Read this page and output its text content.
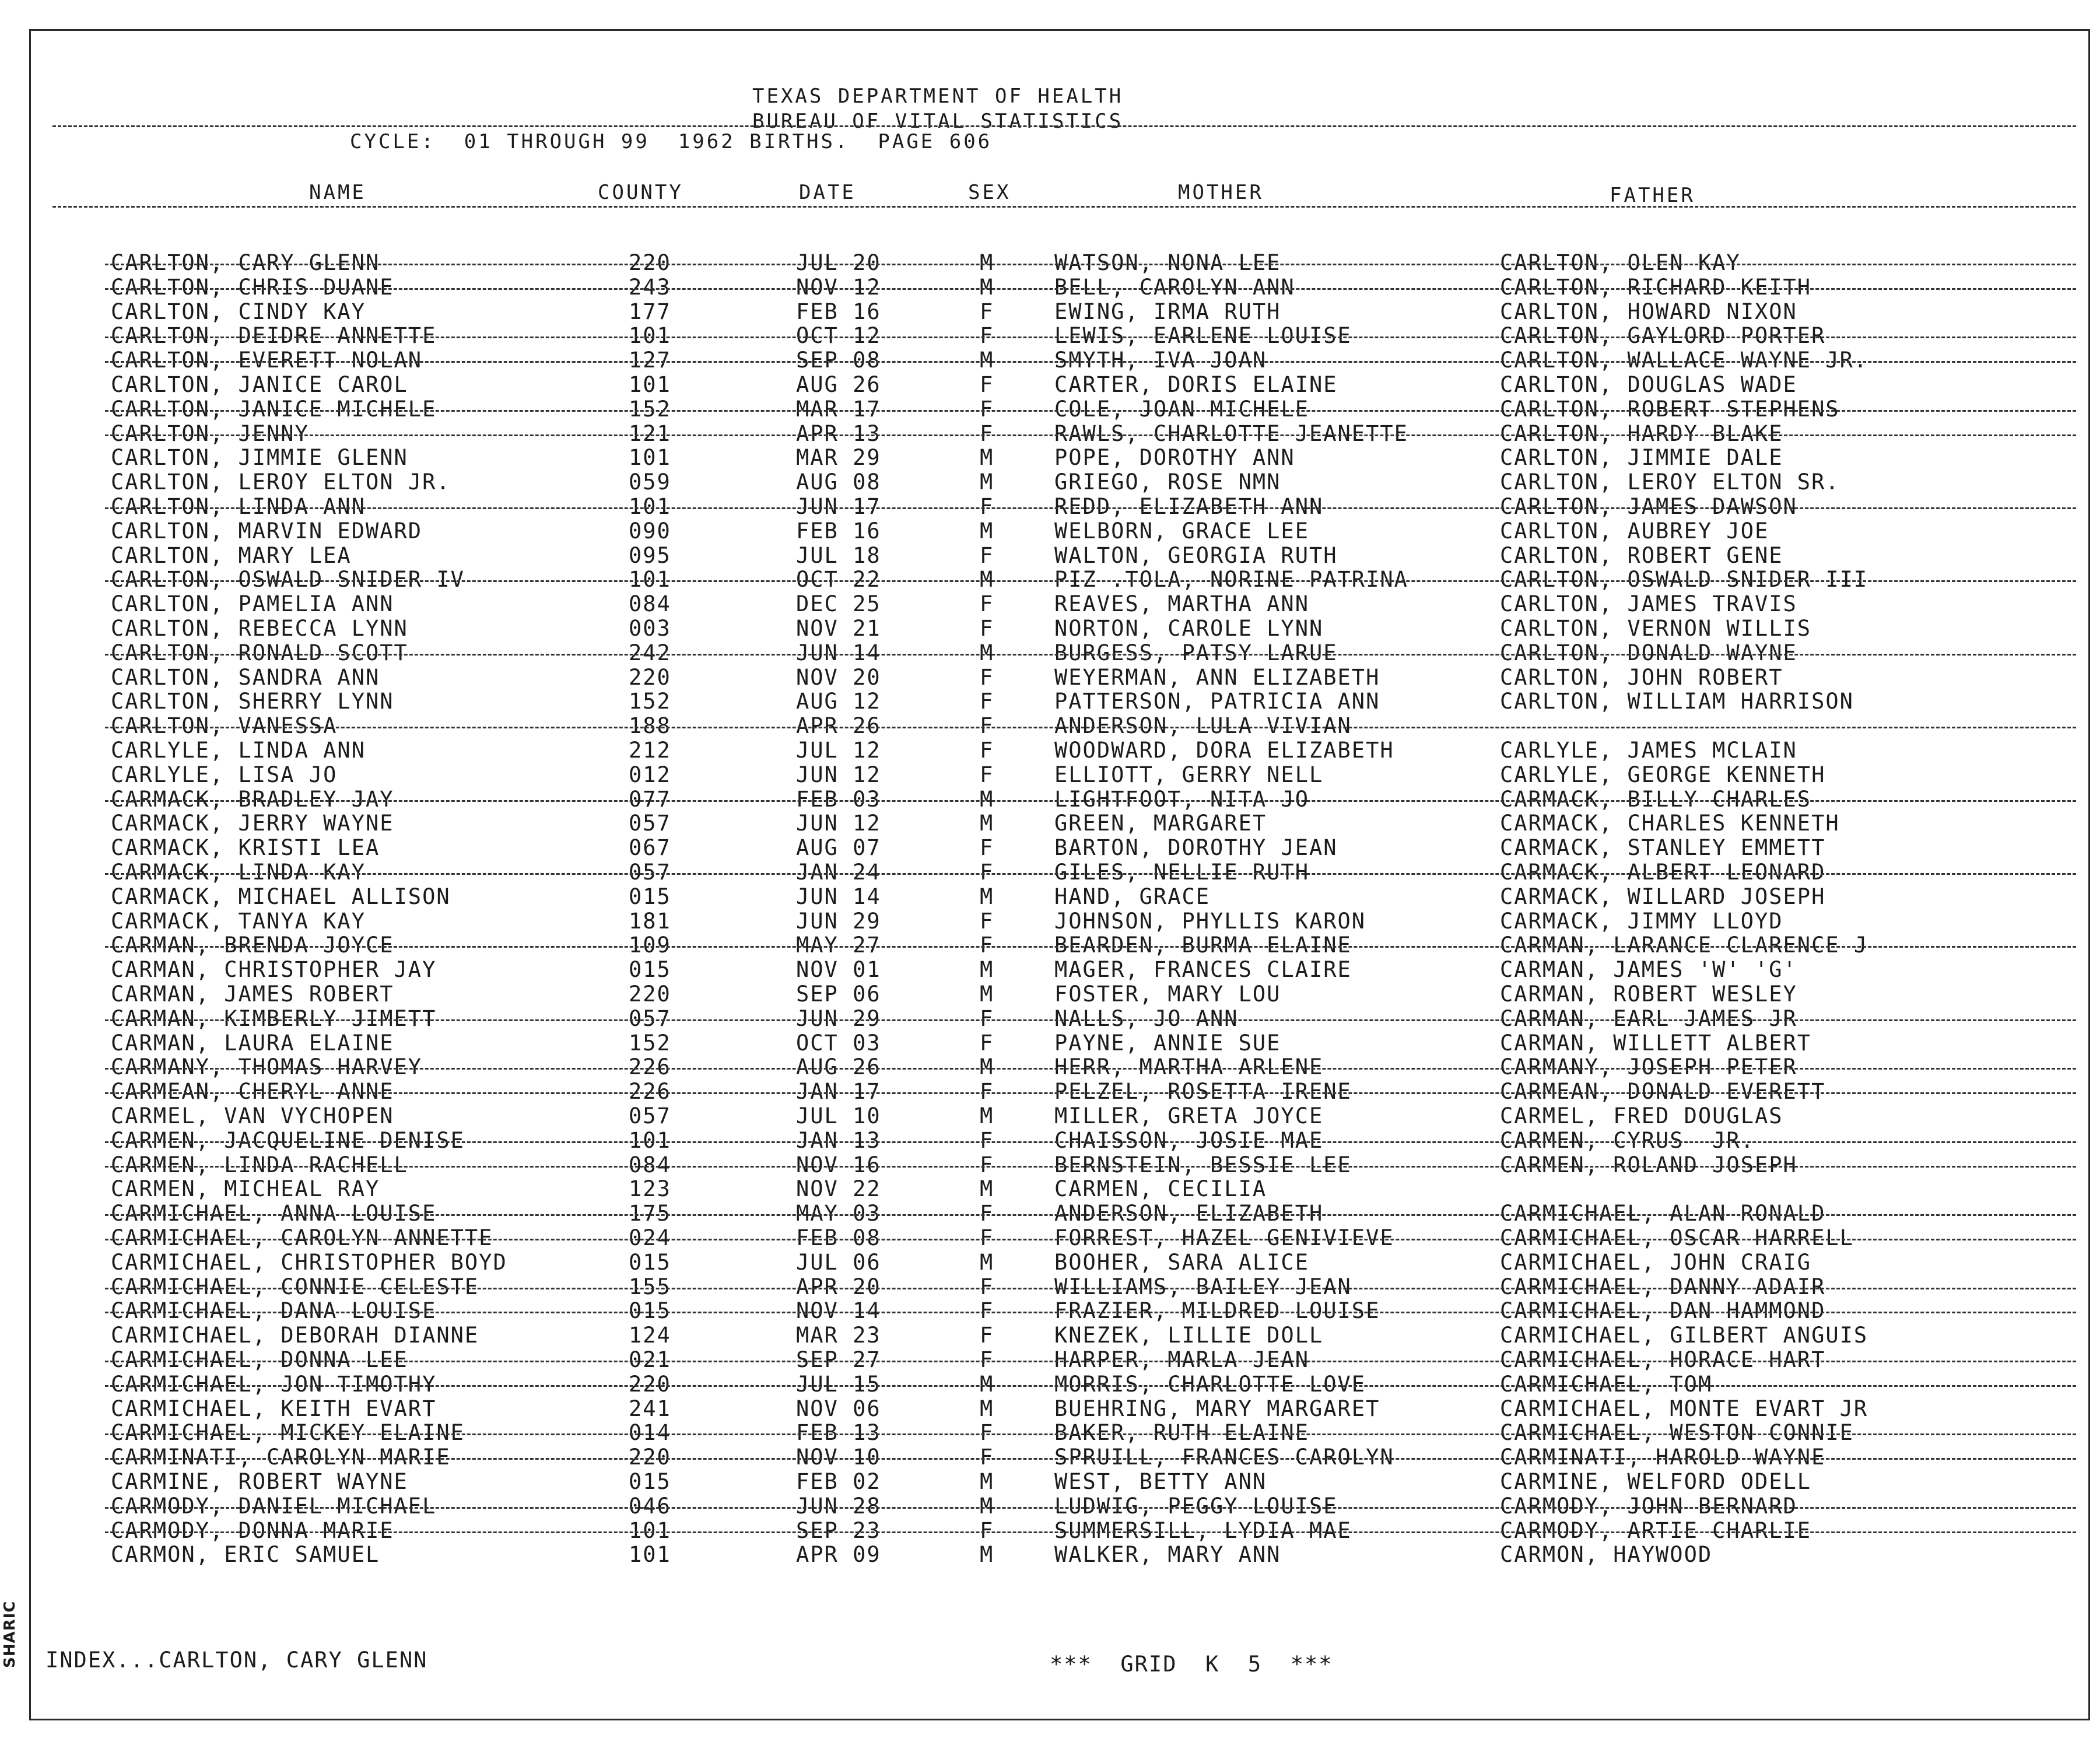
TEXAS DEPARTMENT OF HEALTH
BUREAU OF VITAL STATISTICS
CYCLE:  01 THROUGH 99  1962 BIRTHS.  PAGE 606
NAME	COUNTY	DATE	SEX	MOTHER	FATHER
CARLTON, CARY GLENN	220	JUL 20	M	WATSON, NONA LEE	CARLTON, OLEN KAY
CARLTON, CHRIS DUANE	243	NOV 12	M	BELL, CAROLYN ANN	CARLTON, RICHARD KEITH
CARLTON, CINDY KAY	177	FEB 16	F	EWING, IRMA RUTH	CARLTON, HOWARD NIXON
CARLTON, DEIDRE ANNETTE	101	OCT 12	F	LEWIS, EARLENE LOUISE	CARLTON, GAYLORD PORTER
CARLTON, EVERETT NOLAN	127	SEP 08	M	SMYTH, IVA JOAN	CARLTON, WALLACE WAYNE JR.
CARLTON, JANICE CAROL	101	AUG 26	F	CARTER, DORIS ELAINE	CARLTON, DOUGLAS WADE
CARLTON, JANICE MICHELE	152	MAR 17	F	COLE, JOAN MICHELE	CARLTON, ROBERT STEPHENS
CARLTON, JENNY	121	APR 13	F	RAWLS, CHARLOTTE JEANETTE	CARLTON, HARDY BLAKE
CARLTON, JIMMIE GLENN	101	MAR 29	M	POPE, DOROTHY ANN	CARLTON, JIMMIE DALE
CARLTON, LEROY ELTON JR.	059	AUG 08	M	GRIEGO, ROSE NMN	CARLTON, LEROY ELTON SR.
CARLTON, LINDA ANN	101	JUN 17	F	REDD, ELIZABETH ANN	CARLTON, JAMES DAWSON
CARLTON, MARVIN EDWARD	090	FEB 16	M	WELBORN, GRACE LEE	CARLTON, AUBREY JOE
CARLTON, MARY LEA	095	JUL 18	F	WALTON, GEORGIA RUTH	CARLTON, ROBERT GENE
CARLTON, OSWALD SNIDER IV	101	OCT 22	M	PIZ .TOLA, NORINE PATRINA	CARLTON, OSWALD SNIDER III
CARLTON, PAMELIA ANN	084	DEC 25	F	REAVES, MARTHA ANN	CARLTON, JAMES TRAVIS
CARLTON, REBECCA LYNN	003	NOV 21	F	NORTON, CAROLE LYNN	CARLTON, VERNON WILLIS
CARLTON, RONALD SCOTT	242	JUN 14	M	BURGESS, PATSY LARUE	CARLTON, DONALD WAYNE
CARLTON, SANDRA ANN	220	NOV 20	F	WEYERMAN, ANN ELIZABETH	CARLTON, JOHN ROBERT
CARLTON, SHERRY LYNN	152	AUG 12	F	PATTERSON, PATRICIA ANN	CARLTON, WILLIAM HARRISON
CARLTON, VANESSA	188	APR 26	F	ANDERSON, LULA VIVIAN
CARLYLE, LINDA ANN	212	JUL 12	F	WOODWARD, DORA ELIZABETH	CARLYLE, JAMES MCLAIN
CARLYLE, LISA JO	012	JUN 12	F	ELLIOTT, GERRY NELL	CARLYLE, GEORGE KENNETH
CARMACK, BRADLEY JAY	077	FEB 03	M	LIGHTFOOT, NITA JO	CARMACK, BILLY CHARLES
CARMACK, JERRY WAYNE	057	JUN 12	M	GREEN, MARGARET	CARMACK, CHARLES KENNETH
CARMACK, KRISTI LEA	067	AUG 07	F	BARTON, DOROTHY JEAN	CARMACK, STANLEY EMMETT
CARMACK, LINDA KAY	057	JAN 24	F	GILES, NELLIE RUTH	CARMACK, ALBERT LEONARD
CARMACK, MICHAEL ALLISON	015	JUN 14	M	HAND, GRACE	CARMACK, WILLARD JOSEPH
CARMACK, TANYA KAY	181	JUN 29	F	JOHNSON, PHYLLIS KARON	CARMACK, JIMMY LLOYD
CARMAN, BRENDA JOYCE	109	MAY 27	F	BEARDEN, BURMA ELAINE	CARMAN, LARANCE CLARENCE J
CARMAN, CHRISTOPHER JAY	015	NOV 01	M	MAGER, FRANCES CLAIRE	CARMAN, JAMES 'W' 'G'
CARMAN, JAMES ROBERT	220	SEP 06	M	FOSTER, MARY LOU	CARMAN, ROBERT WESLEY
CARMAN, KIMBERLY JIMETT	057	JUN 29	F	NALLS, JO ANN	CARMAN, EARL JAMES JR
CARMAN, LAURA ELAINE	152	OCT 03	F	PAYNE, ANNIE SUE	CARMAN, WILLETT ALBERT
CARMANY, THOMAS HARVEY	226	AUG 26	M	HERR, MARTHA ARLENE	CARMANY, JOSEPH PETER
CARMEAN, CHERYL ANNE	226	JAN 17	F	PELZEL, ROSETTA IRENE	CARMEAN, DONALD EVERETT
CARMEL, VAN VYCHOPEN	057	JUL 10	M	MILLER, GRETA JOYCE	CARMEL, FRED DOUGLAS
CARMEN, JACQUELINE DENISE	101	JAN 13	F	CHAISSON, JOSIE MAE	CARMEN, CYRUS  JR.
CARMEN, LINDA RACHELL	084	NOV 16	F	BERNSTEIN, BESSIE LEE	CARMEN, ROLAND JOSEPH
CARMEN, MICHEAL RAY	123	NOV 22	M	CARMEN, CECILIA
CARMICHAEL, ANNA LOUISE	175	MAY 03	F	ANDERSON, ELIZABETH	CARMICHAEL, ALAN RONALD
CARMICHAEL, CAROLYN ANNETTE	024	FEB 08	F	FORREST, HAZEL GENIVIEVE	CARMICHAEL, OSCAR HARRELL
CARMICHAEL, CHRISTOPHER BOYD	015	JUL 06	M	BOOHER, SARA ALICE	CARMICHAEL, JOHN CRAIG
CARMICHAEL, CONNIE CELESTE	155	APR 20	F	WILLIAMS, BAILEY JEAN	CARMICHAEL, DANNY ADAIR
CARMICHAEL, DANA LOUISE	015	NOV 14	F	FRAZIER, MILDRED LOUISE	CARMICHAEL, DAN HAMMOND
CARMICHAEL, DEBORAH DIANNE	124	MAR 23	F	KNEZEK, LILLIE DOLL	CARMICHAEL, GILBERT ANGUIS
CARMICHAEL, DONNA LEE	021	SEP 27	F	HARPER, MARLA JEAN	CARMICHAEL, HORACE HART
CARMICHAEL, JON TIMOTHY	220	JUL 15	M	MORRIS, CHARLOTTE LOVE	CARMICHAEL, TOM
CARMICHAEL, KEITH EVART	241	NOV 06	M	BUEHRING, MARY MARGARET	CARMICHAEL, MONTE EVART JR
CARMICHAEL, MICKEY ELAINE	014	FEB 13	F	BAKER, RUTH ELAINE	CARMICHAEL, WESTON CONNIE
CARMINATI, CAROLYN MARIE	220	NOV 10	F	SPRUILL, FRANCES CAROLYN	CARMINATI, HAROLD WAYNE
CARMINE, ROBERT WAYNE	015	FEB 02	M	WEST, BETTY ANN	CARMINE, WELFORD ODELL
CARMODY, DANIEL MICHAEL	046	JUN 28	M	LUDWIG, PEGGY LOUISE	CARMODY, JOHN BERNARD
CARMODY, DONNA MARIE	101	SEP 23	F	SUMMERSILL, LYDIA MAE	CARMODY, ARTIE CHARLIE
CARMON, ERIC SAMUEL	101	APR 09	M	WALKER, MARY ANN	CARMON, HAYWOOD
INDEX...CARLTON, CARY GLENN	***  GRID  K  5  ***
SHARIC
